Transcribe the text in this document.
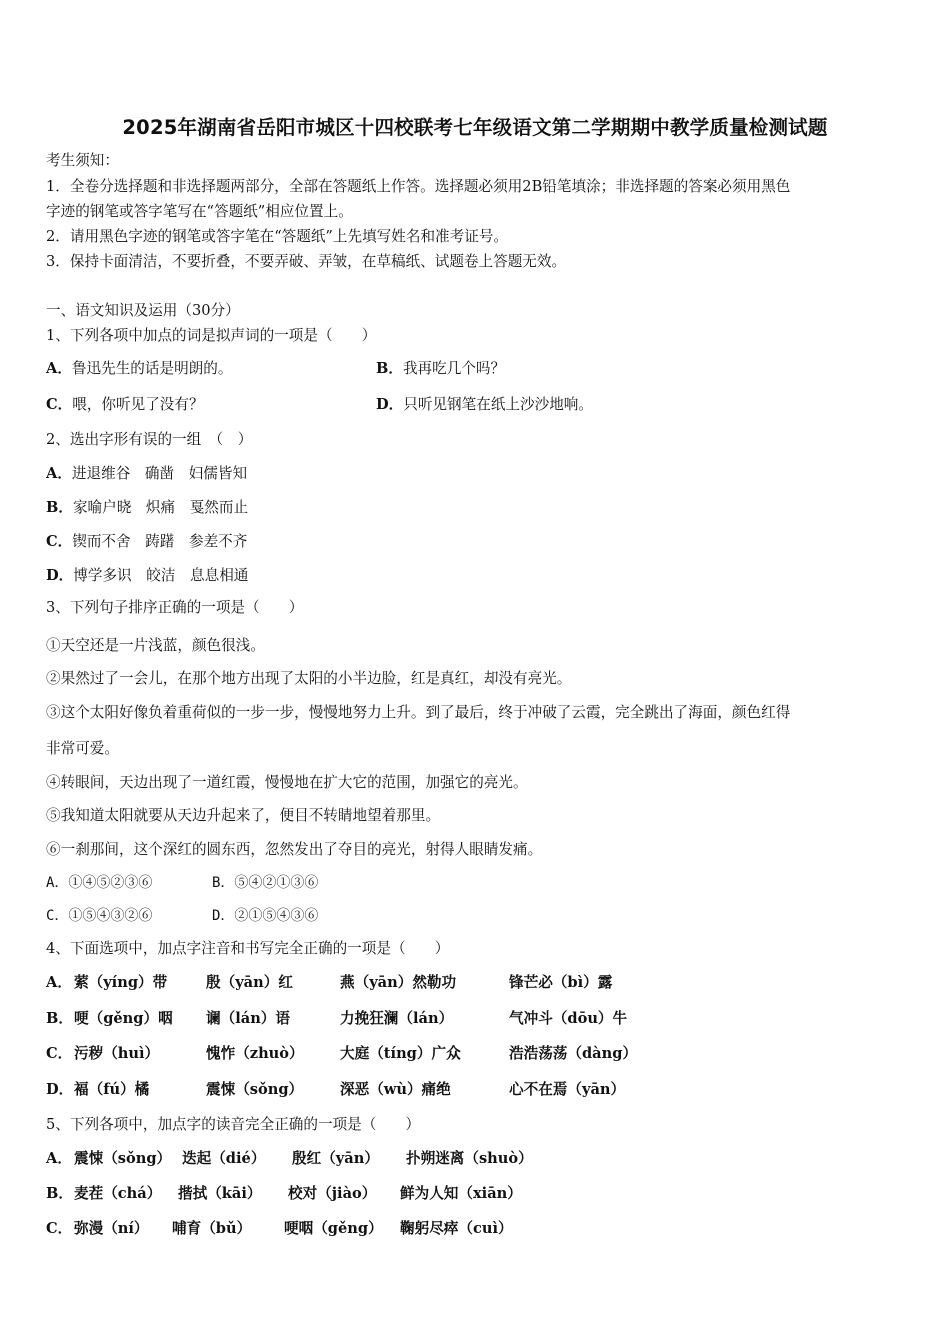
2025年湖南省岳阳市城区十四校联考七年级语文第二学期期中教学质量检测试题
考生须知：
1．全卷分选择题和非选择题两部分，全部在答题纸上作答。选择题必须用2B铅笔填涂；非选择题的答案必须用黑色
字迹的钢笔或答字笔写在“答题纸”相应位置上。
2．请用黑色字迹的钢笔或答字笔在“答题纸”上先填写姓名和准考证号。
3．保持卡面清洁，不要折叠，不要弄破、弄皱，在草稿纸、试题卷上答题无效。
一、语文知识及运用（30分）
1、下列各项中加点的词是拟声词的一项是（　　）
A．鲁迅先生的话是明朗的。	B．我再吃几个吗？
C．喂，你听见了没有？	D．只听见钢笔在纸上沙沙地响。
2、选出字形有误的一组　（　）
A．进退维谷　确凿　妇儒皆知
B．家喻户晓　炽痛　戛然而止
C．锲而不舍　踌躇　参差不齐
D．博学多识　皎洁　息息相通
3、下列句子排序正确的一项是（　　）
①天空还是一片浅蓝，颜色很浅。
②果然过了一会儿，在那个地方出现了太阳的小半边脸，红是真红，却没有亮光。
③这个太阳好像负着重荷似的一步一步，慢慢地努力上升。到了最后，终于冲破了云霞，完全跳出了海面，颜色红得
非常可爱。
④转眼间，天边出现了一道红霞，慢慢地在扩大它的范围，加强它的亮光。
⑤我知道太阳就要从天边升起来了，便目不转睛地望着那里。
⑥一刹那间，这个深红的圆东西，忽然发出了夺目的亮光，射得人眼睛发痛。
A．①④⑤②③⑥	B．⑤④②①③⑥
C．①⑤④③②⑥	D．②①⑤④③⑥
4、下面选项中，加点字注音和书写完全正确的一项是（　　）
A． 萦（yíng）带	殷（yān）红	燕（yān）然勒功	锋芒必（bì）露
B． 哽（gěng）咽 谰（lán）语	力挽狂澜（lán）	气冲斗（dōu）牛
C． 污秽（huì）	愧怍（zhuò） 大庭（tíng）广众	浩浩荡荡（dàng）
D． 褔（fú）橘	震悚（sǒng）	深恶（wù）痛绝	心不在焉（yān）
5、下列各项中，加点字的读音完全正确的一项是（　　）
A． 震悚（sǒng） 迭起（dié） 殷红（yān） 扑朔迷离（shuò）
B． 麦茬（chá） 揩拭（kāi） 校对（jiào） 鲜为人知（xiān）
C． 弥漫（ní） 哺育（bǔ） 哽咽（gěng） 鞠躬尽瘁（cuì）
